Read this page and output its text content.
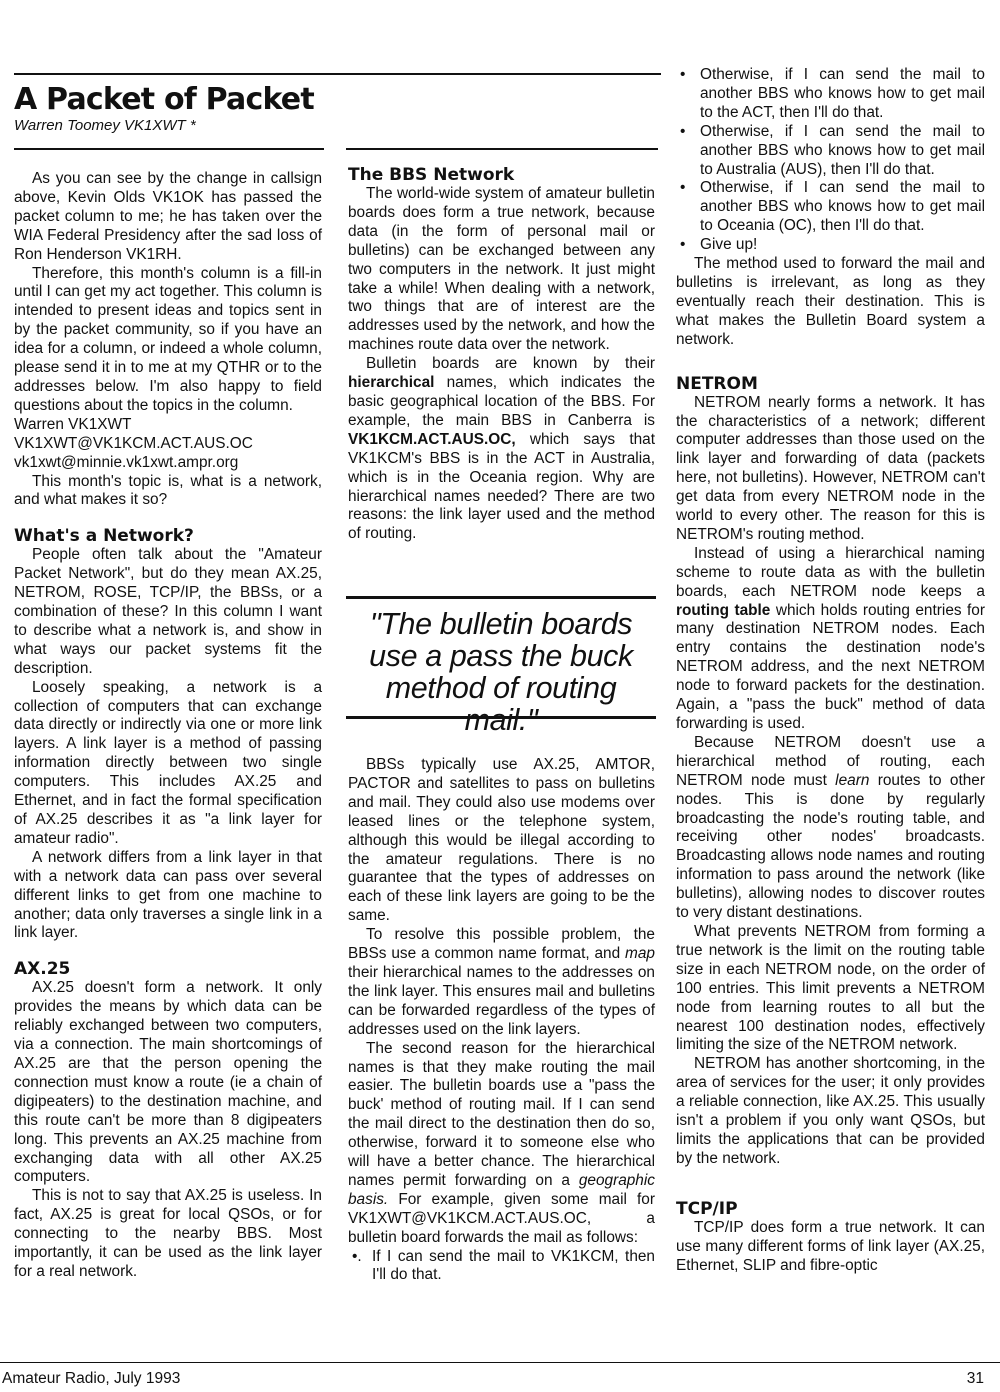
A Packet of Packet

Warren Toomey VK1XWT *

As you can see by the change in callsign above, Kevin Olds VK1OK has passed the packet column to me; he has taken over the WIA Federal Presidency after the sad loss of Ron Henderson VK1RH.

Therefore, this month's column is a fill-in until I can get my act together. This column is intended to present ideas and topics sent in by the packet community, so if you have an idea for a column, or indeed a whole column, please send it in to me at my QTHR or to the addresses below. I'm also happy to field questions about the topics in the column.

Warren VK1XWT

VK1XWT@VK1KCM.ACT.AUS.OC

vk1xwt@minnie.vk1xwt.ampr.org

This month's topic is, what is a network, and what makes it so?

What's a Network?

People often talk about the "Amateur Packet Network", but do they mean AX.25, NETROM, ROSE, TCP/IP, the BBSs, or a combination of these? In this column I want to describe what a network is, and show in what ways our packet systems fit the description.

Loosely speaking, a network is a collection of computers that can exchange data directly or indirectly via one or more link layers. A link layer is a method of passing information directly between two single computers. This includes AX.25 and Ethernet, and in fact the formal specification of AX.25 describes it as "a link layer for amateur radio".

A network differs from a link layer in that with a network data can pass over several different links to get from one machine to another; data only traverses a single link in a link layer.

AX.25

AX.25 doesn't form a network. It only provides the means by which data can be reliably exchanged between two computers, via a connection. The main shortcomings of AX.25 are that the person opening the connection must know a route (ie a chain of digipeaters) to the destination machine, and this route can't be more than 8 digipeaters long. This prevents an AX.25 machine from exchanging data with all other AX.25 computers.

This is not to say that AX.25 is useless. In fact, AX.25 is great for local QSOs, or for connecting to the nearby BBS. Most importantly, it can be used as the link layer for a real network.

The BBS Network

The world-wide system of amateur bulletin boards does form a true network, because data (in the form of personal mail or bulletins) can be exchanged between any two computers in the network. It just might take a while! When dealing with a network, two things that are of interest are the addresses used by the network, and how the machines route data over the network.

Bulletin boards are known by their hierarchical names, which indicates the basic geographical location of the BBS. For example, the main BBS in Canberra is VK1KCM.ACT.AUS.OC, which says that VK1KCM's BBS is in the ACT in Australia, which is in the Oceania region. Why are hierarchical names needed? There are two reasons: the link layer used and the method of routing.

"The bulletin boards use a pass the buck method of routing mail."

BBSs typically use AX.25, AMTOR, PACTOR and satellites to pass on bulletins and mail. They could also use modems over leased lines or the telephone system, although this would be illegal according to the amateur regulations. There is no guarantee that the types of addresses on each of these link layers are going to be the same.

To resolve this possible problem, the BBSs use a common name format, and map their hierarchical names to the addresses on the link layer. This ensures mail and bulletins can be forwarded regardless of the types of addresses used on the link layers.

The second reason for the hierarchical names is that they make routing the mail easier. The bulletin boards use a "pass the buck' method of routing mail. If I can send the mail direct to the destination then do so, otherwise, forward it to someone else who will have a better chance. The hierarchical names permit forwarding on a geographic basis. For example, given some mail for VK1XWT@VK1KCM.ACT.AUS.OC, a bulletin board forwards the mail as follows:

•. If I can send the mail to VK1KCM, then I'll do that.
• Otherwise, if I can send the mail to another BBS who knows how to get mail to the ACT, then I'll do that.
• Otherwise, if I can send the mail to another BBS who knows how to get mail to Australia (AUS), then I'll do that.
• Otherwise, if I can send the mail to another BBS who knows how to get mail to Oceania (OC), then I'll do that.
• Give up!

The method used to forward the mail and bulletins is irrelevant, as long as they eventually reach their destination. This is what makes the Bulletin Board system a network.

NETROM

NETROM nearly forms a network. It has the characteristics of a network; different computer addresses than those used on the link layer and forwarding of data (packets here, not bulletins). However, NETROM can't get data from every NETROM node in the world to every other. The reason for this is NETROM's routing method.

Instead of using a hierarchical naming scheme to route data as with the bulletin boards, each NETROM node keeps a routing table which holds routing entries for many destination NETROM nodes. Each entry contains the destination node's NETROM address, and the next NETROM node to forward packets for the destination. Again, a "pass the buck" method of data forwarding is used.

Because NETROM doesn't use a hierarchical method of routing, each NETROM node must learn routes to other nodes. This is done by regularly broadcasting the node's routing table, and receiving other nodes' broadcasts. Broadcasting allows node names and routing information to pass around the network (like bulletins), allowing nodes to discover routes to very distant destinations.

What prevents NETROM from forming a true network is the limit on the routing table size in each NETROM node, on the order of 100 entries. This limit prevents a NETROM node from learning routes to all but the nearest 100 destination nodes, effectively limiting the size of the NETROM network.

NETROM has another shortcoming, in the area of services for the user; it only provides a reliable connection, like AX.25. This usually isn't a problem if you only want QSOs, but limits the applications that can be provided by the network.

TCP/IP

TCP/IP does form a true network. It can use many different forms of link layer (AX.25, Ethernet, SLIP and fibre-optic

Amateur Radio, July 1993	31
